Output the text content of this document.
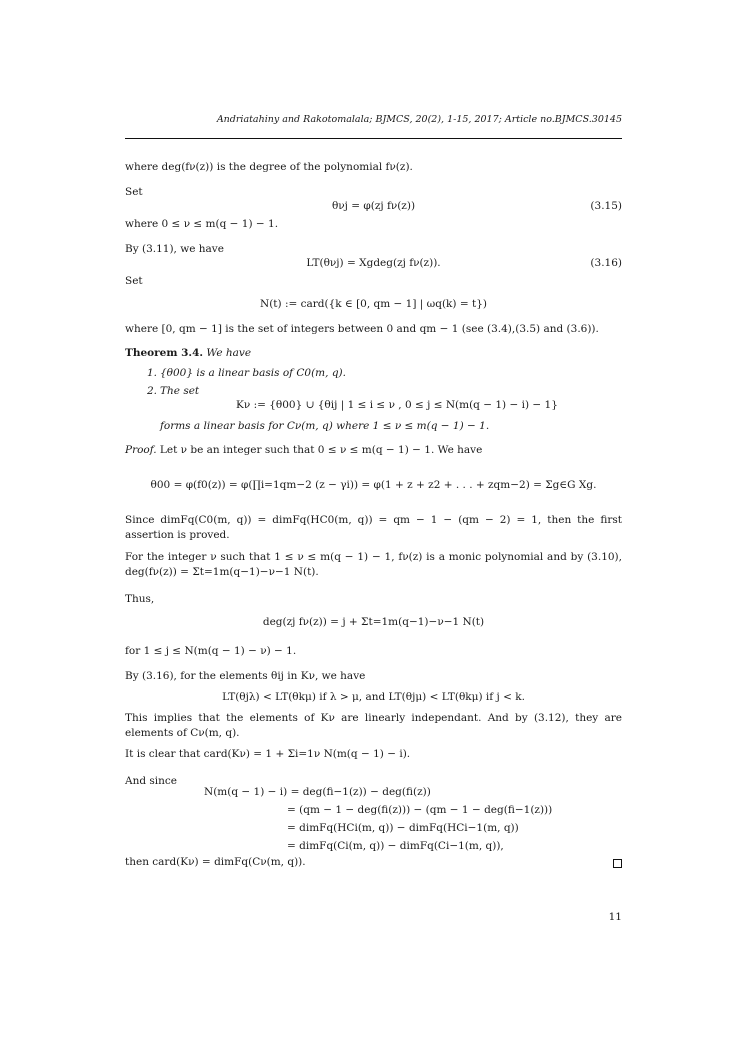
Andriatahiny and Rakotomalala; BJMCS, 20(2), 1-15, 2017; Article no.BJMCS.30145
where deg(fν(z)) is the degree of the polynomial fν(z).
Set
θνj = φ(zj fν(z))	(3.15)
where 0 ≤ ν ≤ m(q − 1) − 1.
By (3.11), we have
LT(θνj) = Xgdeg(zj fν(z)).	(3.16)
Set
N(t) := card({k ∈ [0, qm − 1] | ωq(k) = t})
where [0, qm − 1] is the set of integers between 0 and qm − 1 (see (3.4),(3.5) and (3.6)).
Theorem 3.4. We have
1. {θ00} is a linear basis of C0(m, q).
2. The set
Kν := {θ00} ∪ {θij | 1 ≤ i ≤ ν , 0 ≤ j ≤ N(m(q − 1) − i) − 1}
forms a linear basis for Cν(m, q) where 1 ≤ ν ≤ m(q − 1) − 1.
Proof. Let ν be an integer such that 0 ≤ ν ≤ m(q − 1) − 1. We have
θ00 = φ(f0(z)) = φ(∏i=1qm−2 (z − γi)) = φ(1 + z + z2 + . . . + zqm−2) = Σg∈G Xg.
Since dimFq(C0(m, q)) = dimFq(HC0(m, q)) = qm − 1 − (qm − 2) = 1, then the first assertion is proved.
For the integer ν such that 1 ≤ ν ≤ m(q − 1) − 1, fν(z) is a monic polynomial and by (3.10), deg(fν(z)) = Σt=1m(q−1)−ν−1 N(t).
Thus,
deg(zj fν(z)) = j + Σt=1m(q−1)−ν−1 N(t)
for 1 ≤ j ≤ N(m(q − 1) − ν) − 1.
By (3.16), for the elements θij in Kν, we have
LT(θjλ) < LT(θkμ) if λ > μ, and LT(θjμ) < LT(θkμ) if j < k.
This implies that the elements of Kν are linearly independant. And by (3.12), they are elements of Cν(m, q).
It is clear that card(Kν) = 1 + Σi=1ν N(m(q − 1) − i).
And since
N(m(q − 1) − i) = deg(fi−1(z)) − deg(fi(z))
= (qm − 1 − deg(fi(z))) − (qm − 1 − deg(fi−1(z)))
= dimFq(HCi(m, q)) − dimFq(HCi−1(m, q))
= dimFq(Ci(m, q)) − dimFq(Ci−1(m, q)),
then card(Kν) = dimFq(Cν(m, q)).
11
